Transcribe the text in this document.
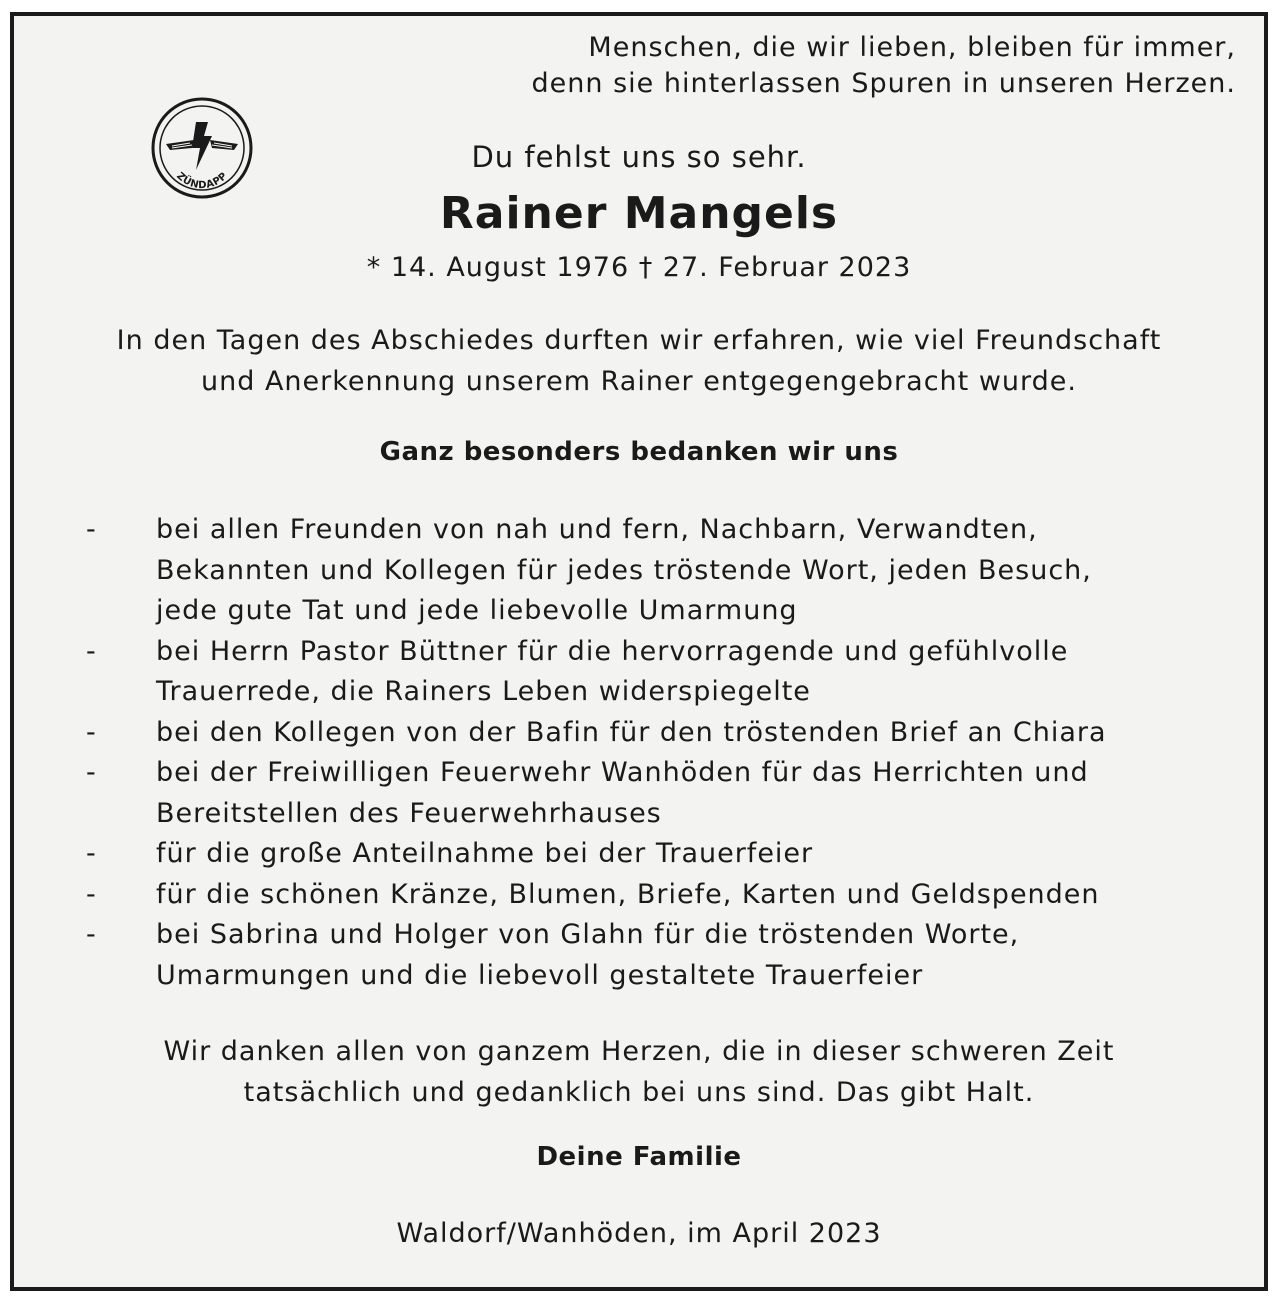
Menschen, die wir lieben, bleiben für immer,
denn sie hinterlassen Spuren in unseren Herzen.
ZÜNDAPP
Du fehlst uns so sehr.
Rainer Mangels
* 14. August 1976 † 27. Februar 2023
In den Tagen des Abschiedes durften wir erfahren, wie viel Freundschaft
und Anerkennung unserem Rainer entgegengebracht wurde.
Ganz besonders bedanken wir uns
- bei allen Freunden von nah und fern, Nachbarn, Verwandten,
Bekannten und Kollegen für jedes tröstende Wort, jeden Besuch,
jede gute Tat und jede liebevolle Umarmung
- bei Herrn Pastor Büttner für die hervorragende und gefühlvolle
Trauerrede, die Rainers Leben widerspiegelte
- bei den Kollegen von der Bafin für den tröstenden Brief an Chiara
- bei der Freiwilligen Feuerwehr Wanhöden für das Herrichten und
Bereitstellen des Feuerwehrhauses
- für die große Anteilnahme bei der Trauerfeier
- für die schönen Kränze, Blumen, Briefe, Karten und Geldspenden
- bei Sabrina und Holger von Glahn für die tröstenden Worte,
Umarmungen und die liebevoll gestaltete Trauerfeier
Wir danken allen von ganzem Herzen, die in dieser schweren Zeit
tatsächlich und gedanklich bei uns sind. Das gibt Halt.
Deine Familie
Waldorf/Wanhöden, im April 2023
